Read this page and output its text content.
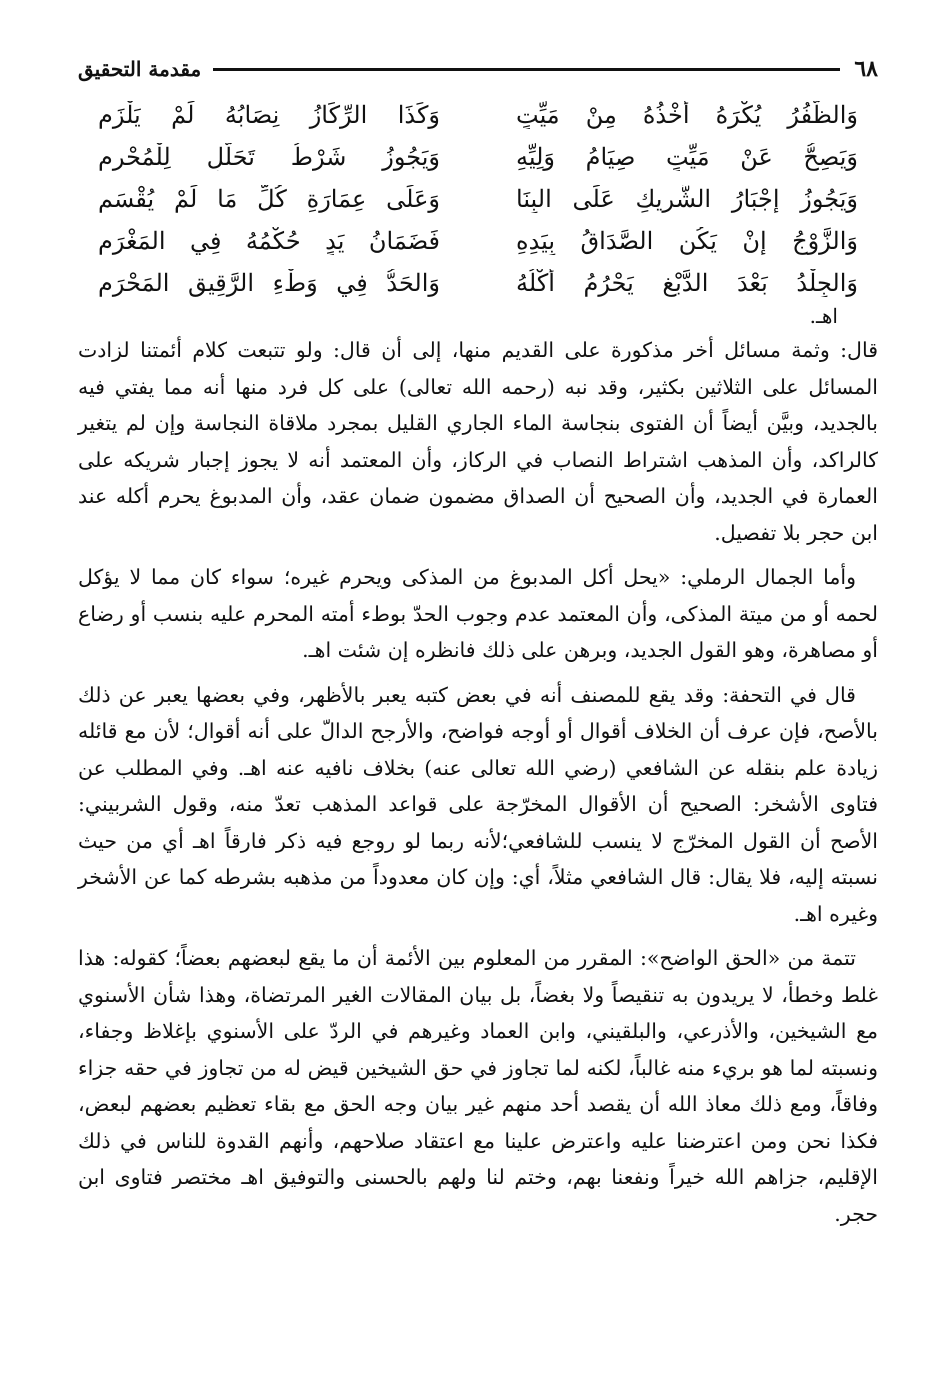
٦٨
مقدمة التحقيق
وَالظُّفُرُ يُكْرَهُ أَخْذُهُ مِنْ مَيِّتٍ
وَكَذَا الرِّكَازُ نِصَابُهُ لَمْ يَلْزَمِ
وَيَصِحُّ عَنْ مَيِّتٍ صِيَامُ وَلِيِّهِ
وَيَجُوزُ شَرْطُ تَحَلُّلٍ لِلْمُحْرِمِ
وَيَجُوزُ إِجْبَارُ الشَّرِيكِ عَلَى البِنَا
وَعَلَى عِمَارَةِ كُلِّ مَا لَمْ يُقْسَمِ
وَالزَّوْجُ إِنْ يَكُنِ الصَّدَاقُ بِيَدِهِ
فَضَمَانُ يَدٍ حُكْمُهُ فِي المَغْرَمِ
وَالجِلْدُ بَعْدَ الدَّبْغِ يَحْرُمُ أَكْلُهُ
وَالحَدُّ فِي وَطْءِ الرَّقِيقِ المَحْرَمِ
اهـ.

قال: وثمة مسائل أخر مذكورة على القديم منها، إلى أن قال: ولو تتبعت كلام أئمتنا لزادت المسائل على الثلاثين بكثير، وقد نبه (رحمه الله تعالى) على كل فرد منها أنه مما يفتي فيه بالجديد، وبيَّن أيضاً أن الفتوى بنجاسة الماء الجاري القليل بمجرد ملاقاة النجاسة وإن لم يتغير كالراكد، وأن المذهب اشتراط النصاب في الركاز، وأن المعتمد أنه لا يجوز إجبار شريكه على العمارة في الجديد، وأن الصحيح أن الصداق مضمون ضمان عقد، وأن المدبوغ يحرم أكله عند ابن حجر بلا تفصيل.

وأما الجمال الرملي: «يحل أكل المدبوغ من المذكى ويحرم غيره؛ سواء كان مما لا يؤكل لحمه أو من ميتة المذكى، وأن المعتمد عدم وجوب الحدّ بوطء أمته المحرم عليه بنسب أو رضاع أو مصاهرة، وهو القول الجديد، وبرهن على ذلك فانظره إن شئت اهـ.

قال في التحفة: وقد يقع للمصنف أنه في بعض كتبه يعبر بالأظهر، وفي بعضها يعبر عن ذلك بالأصح، فإن عرف أن الخلاف أقوال أو أوجه فواضح، والأرجح الدالّ على أنه أقوال؛ لأن مع قائله زيادة علم بنقله عن الشافعي (رضي الله تعالى عنه) بخلاف نافيه عنه اهـ. وفي المطلب عن فتاوى الأشخر: الصحيح أن الأقوال المخرّجة على قواعد المذهب تعدّ منه، وقول الشربيني: الأصح أن القول المخرّج لا ينسب للشافعي؛لأنه ربما لو روجع فيه ذكر فارقاً اهـ أي من حيث نسبته إليه، فلا يقال: قال الشافعي مثلاً، أي: وإن كان معدوداً من مذهبه بشرطه كما عن الأشخر وغيره اهـ.

تتمة من «الحق الواضح»: المقرر من المعلوم بين الأئمة أن ما يقع لبعضهم بعضاً؛ كقوله: هذا غلط وخطأ، لا يريدون به تنقيصاً ولا بغضاً، بل بيان المقالات الغير المرتضاة، وهذا شأن الأسنوي مع الشيخين، والأذرعي، والبلقيني، وابن العماد وغيرهم في الردّ على الأسنوي بإغلاظ وجفاء، ونسبته لما هو بريء منه غالباً، لكنه لما تجاوز في حق الشيخين قيض له من تجاوز في حقه جزاء وفاقاً، ومع ذلك معاذ الله أن يقصد أحد منهم غير بيان وجه الحق مع بقاء تعظيم بعضهم لبعض، فكذا نحن ومن اعترضنا عليه واعترض علينا مع اعتقاد صلاحهم، وأنهم القدوة للناس في ذلك الإقليم، جزاهم الله خيراً ونفعنا بهم، وختم لنا ولهم بالحسنى والتوفيق اهـ مختصر فتاوى ابن حجر.
